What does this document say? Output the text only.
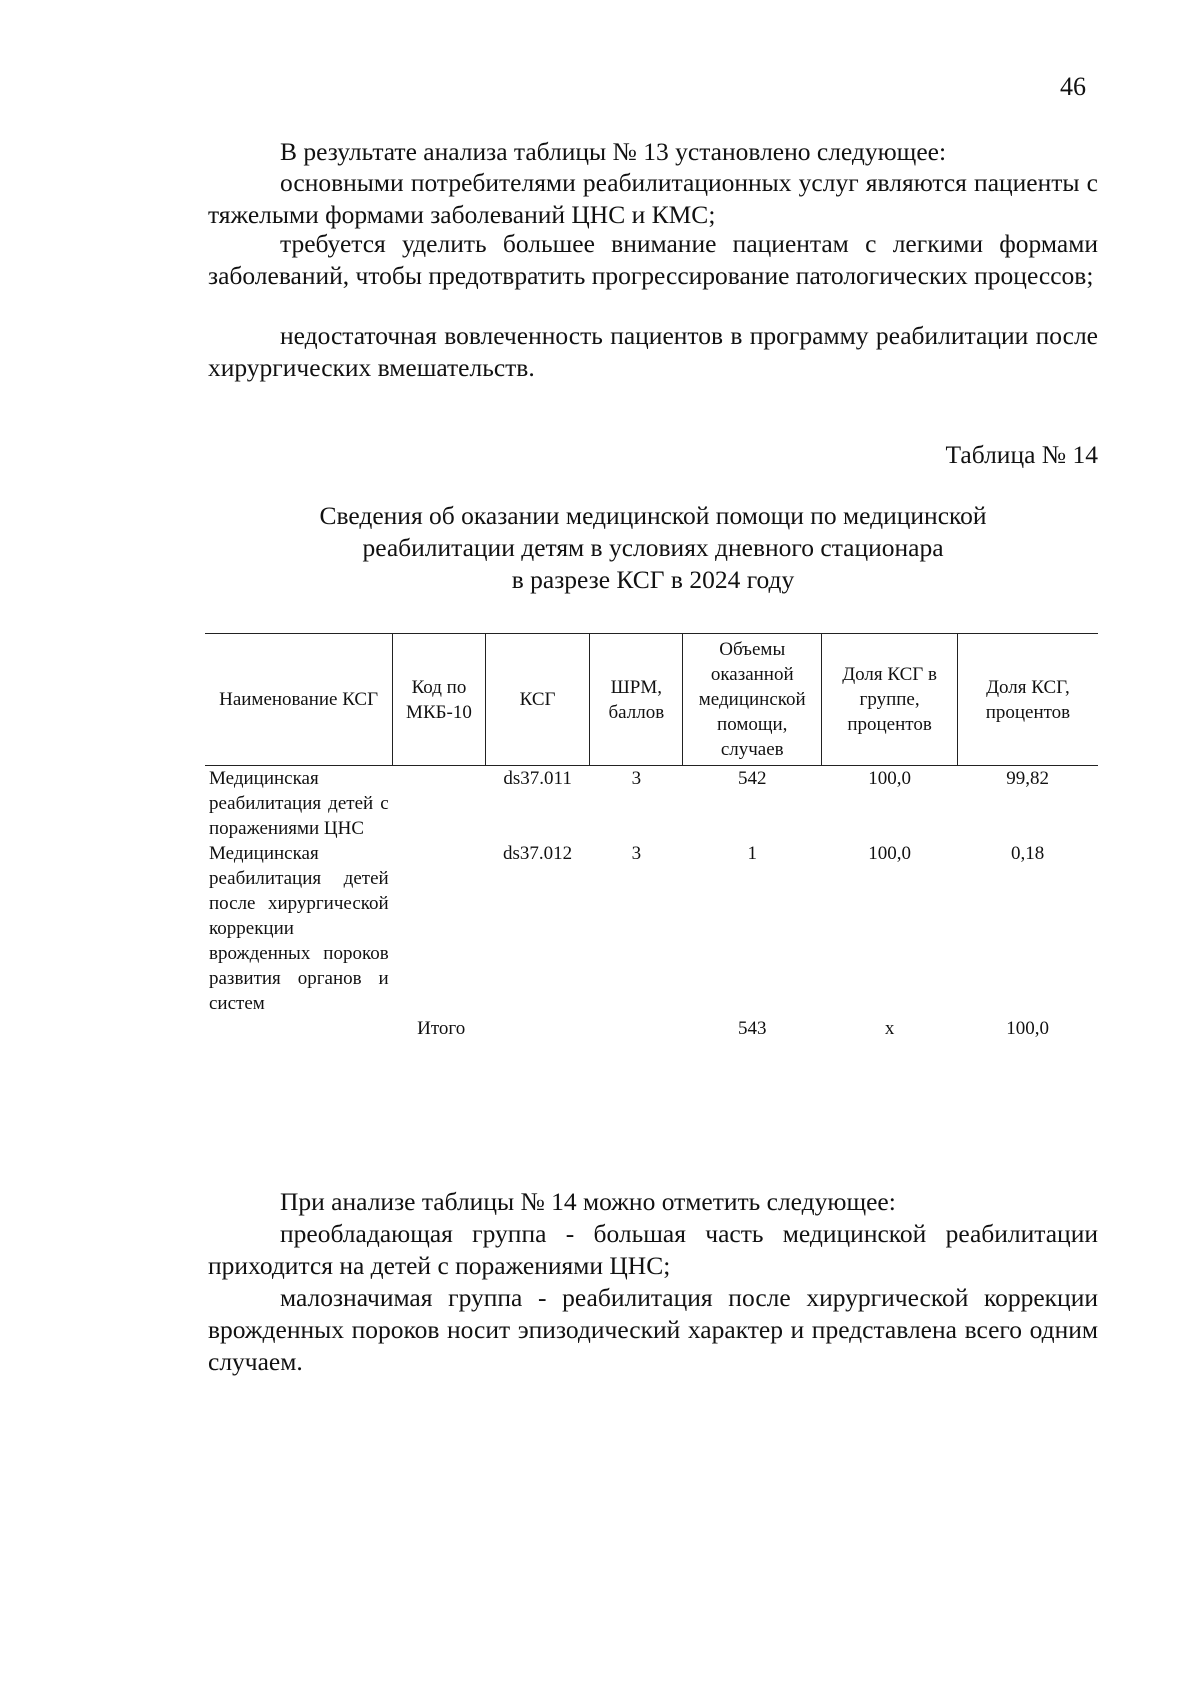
46
В результате анализа таблицы № 13 установлено следующее:
основными потребителями реабилитационных услуг являются пациенты с тяжелыми формами заболеваний ЦНС и КМС;
требуется уделить большее внимание пациентам с легкими формами заболеваний, чтобы предотвратить прогрессирование патологических процессов;
недостаточная вовлеченность пациентов в программу реабилитации после хирургических вмешательств.
Таблица № 14
Сведения об оказании медицинской помощи по медицинской
реабилитации детям в условиях дневного стационара
в разрезе КСГ в 2024 году
Наименование КСГ	Код по МКБ-10	КСГ	ШРМ, баллов	Объемы оказанной медицинской помощи, случаев	Доля КСГ в группе, процентов	Доля КСГ, процентов
Медицинская реабилитация детей с поражениями ЦНС		ds37.011	3	542	100,0	99,82
Медицинская реабилитация детей после хирургической коррекции врожденных пороков развития органов и систем		ds37.012	3	1	100,0	0,18
Итого				543	х	100,0
При анализе таблицы № 14 можно отметить следующее:
преобладающая группа - большая часть медицинской реабилитации приходится на детей с поражениями ЦНС;
малозначимая группа - реабилитация после хирургической коррекции врожденных пороков носит эпизодический характер и представлена всего одним случаем.
